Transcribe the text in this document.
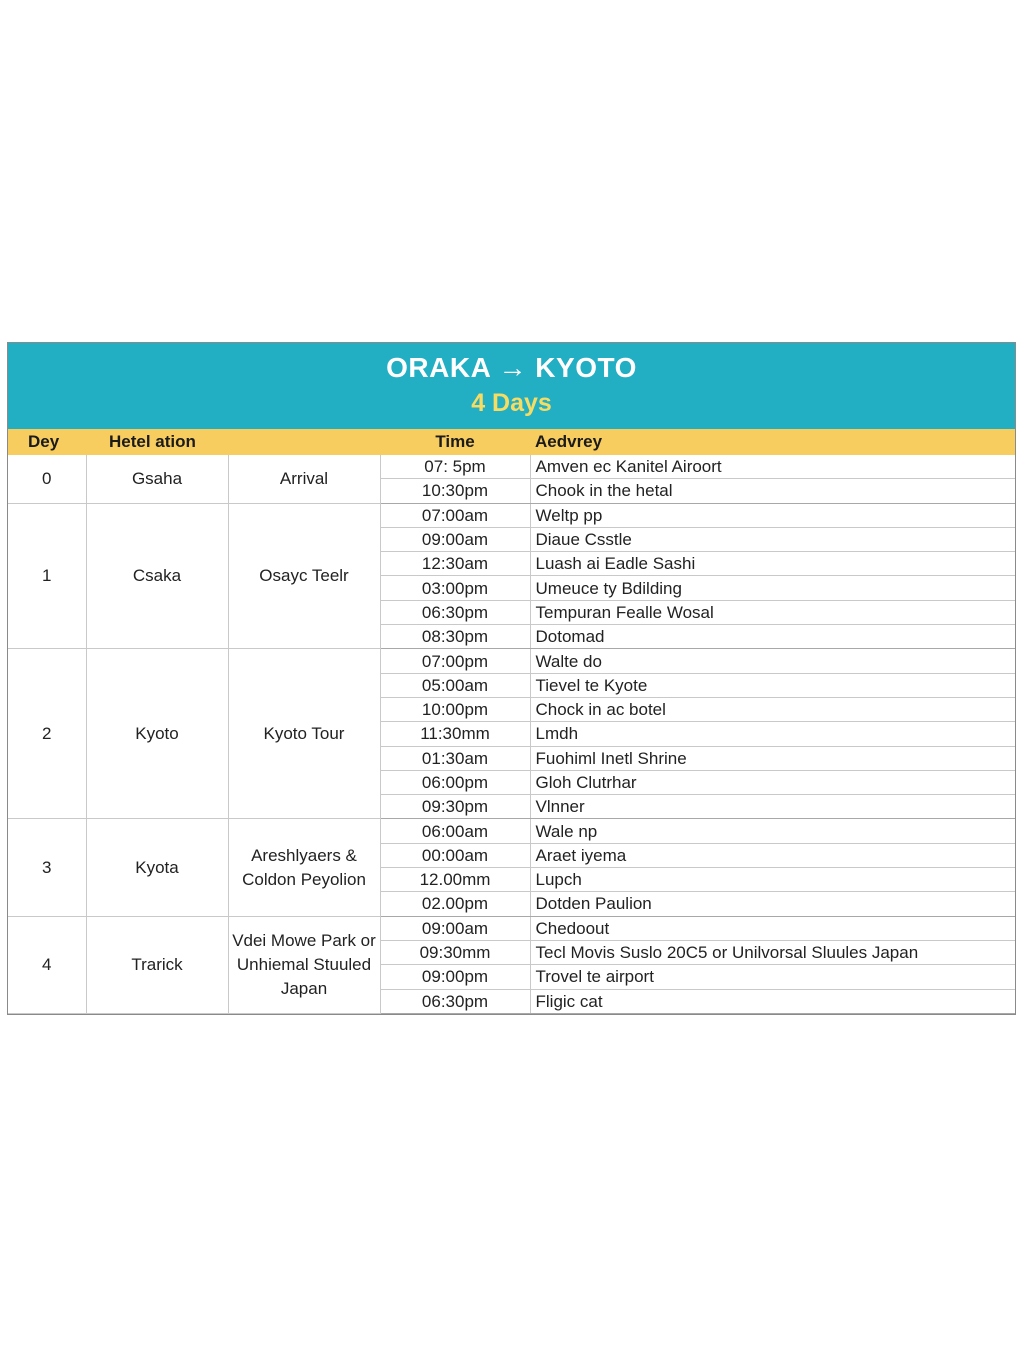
ORAKA → KYOTO
4 Days
Dey	Hetel ation		Time	Aedvrey
0	Gsaha	Arrival	07: 5pm	Amven ec Kanitel Airoort
			10:30pm	Chook in the hetal
1	Csaka	Osayc Teelr	07:00am	Weltp pp
			09:00am	Diaue Csstle
			12:30am	Luash ai Eadle Sashi
			03:00pm	Umeuce ty Bdilding
			06:30pm	Tempuran Fealle Wosal
			08:30pm	Dotomad
2	Kyoto	Kyoto Tour	07:00pm	Walte do
			05:00am	Tievel te Kyote
			10:00pm	Chock in ac botel
			11:30mm	Lmdh
			01:30am	Fuohiml Inetl Shrine
			06:00pm	Gloh Clutrhar
			09:30pm	Vlnner
3	Kyota	Areshlyaers & Coldon Peyolion	06:00am	Wale np
			00:00am	Araet iyema
			12.00mm	Lupch
			02.00pm	Dotden Paulion
4	Trarick	Vdei Mowe Park or Unhiemal Stuuled Japan	09:00am	Chedoout
			09:30mm	Tecl Movis Suslo 20C5 or Unilvorsal Sluules Japan
			09:00pm	Trovel te airport
			06:30pm	Fligic cat
